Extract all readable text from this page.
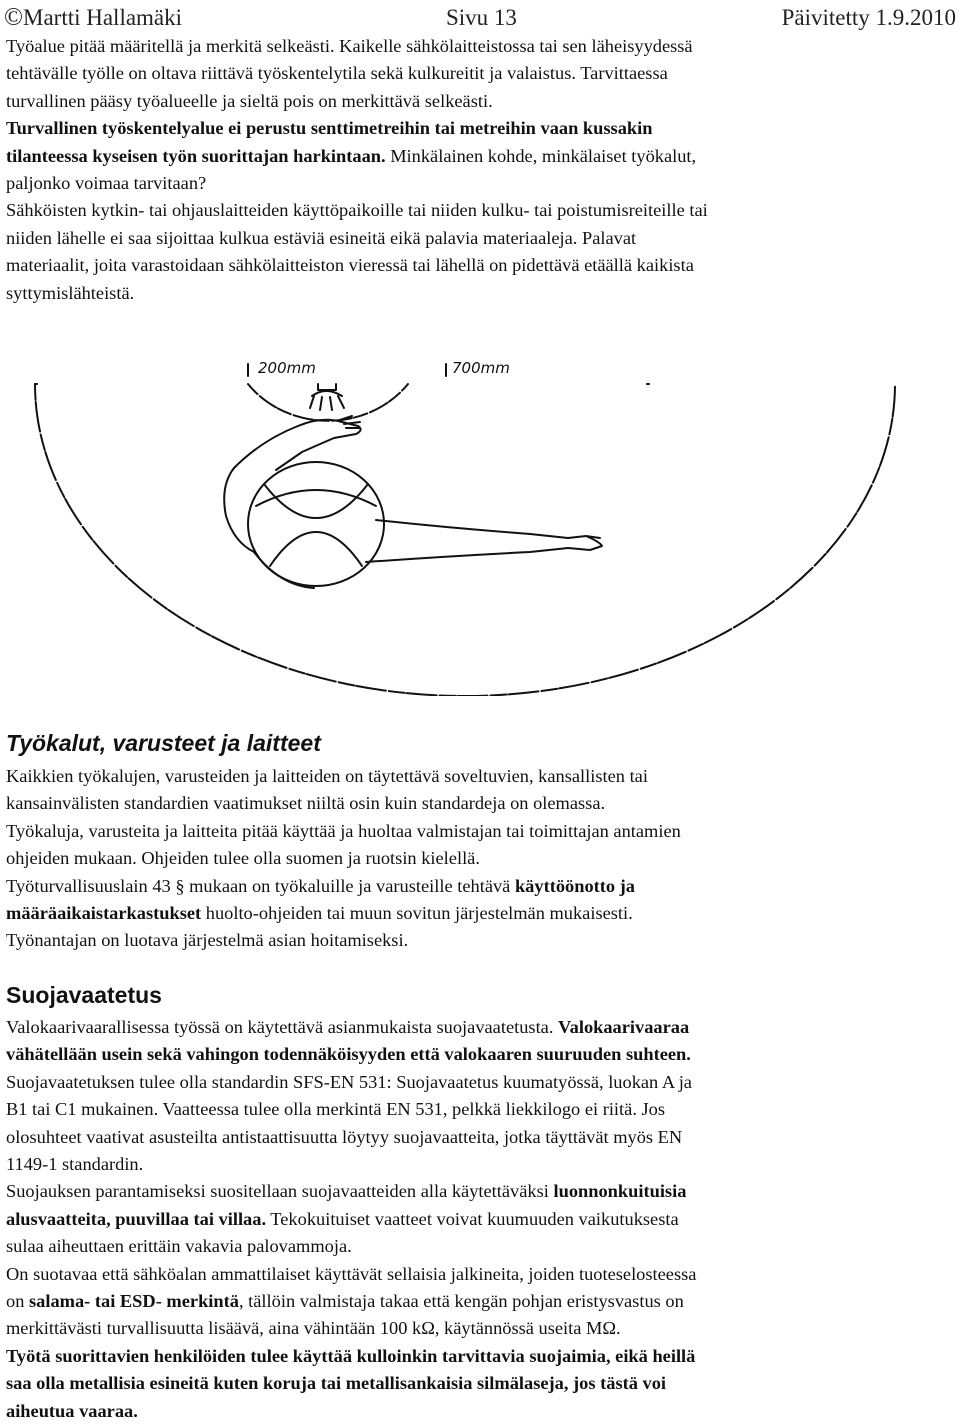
©Martti Hallamäki	Sivu 13	Päivitetty 1.9.2010
Työalue pitää määritellä ja merkitä selkeästi. Kaikelle sähkölaitteistossa tai sen läheisyydessä
tehtävälle työlle on oltava riittävä työskentelytila sekä kulkureitit ja valaistus. Tarvittaessa
turvallinen pääsy työalueelle ja sieltä pois on merkittävä selkeästi.
Turvallinen työskentelyalue ei perustu senttimetreihin tai metreihin vaan kussakin
tilanteessa kyseisen työn suorittajan harkintaan. Minkälainen kohde, minkälaiset työkalut,
paljonko voimaa tarvitaan?
Sähköisten kytkin- tai ohjauslaitteiden käyttöpaikoille tai niiden kulku- tai poistumisreiteille tai
niiden lähelle ei saa sijoittaa kulkua estäviä esineitä eikä palavia materiaaleja. Palavat
materiaalit, joita varastoidaan sähkölaitteiston vieressä tai lähellä on pidettävä etäällä kaikista
syttymislähteistä.
200mm	700mm
Työkalut, varusteet ja laitteet
Kaikkien työkalujen, varusteiden ja laitteiden on täytettävä soveltuvien, kansallisten tai
kansainvälisten standardien vaatimukset niiltä osin kuin standardeja on olemassa.
Työkaluja, varusteita ja laitteita pitää käyttää ja huoltaa valmistajan tai toimittajan antamien
ohjeiden mukaan. Ohjeiden tulee olla suomen ja ruotsin kielellä.
Työturvallisuuslain 43 § mukaan on työkaluille ja varusteille tehtävä käyttöönotto ja
määräaikaistarkastukset huolto-ohjeiden tai muun sovitun järjestelmän mukaisesti.
Työnantajan on luotava järjestelmä asian hoitamiseksi.
Suojavaatetus
Valokaarivaarallisessa työssä on käytettävä asianmukaista suojavaatetusta. Valokaarivaaraa
vähätellään usein sekä vahingon todennäköisyyden että valokaaren suuruuden suhteen.
Suojavaatetuksen tulee olla standardin SFS-EN 531: Suojavaatetus kuumatyössä, luokan A ja
B1 tai C1 mukainen. Vaatteessa tulee olla merkintä EN 531, pelkkä liekkilogo ei riitä. Jos
olosuhteet vaativat asusteilta antistaattisuutta löytyy suojavaatteita, jotka täyttävät myös EN
1149-1 standardin.
Suojauksen parantamiseksi suositellaan suojavaatteiden alla käytettäväksi luonnonkuituisia
alusvaatteita, puuvillaa tai villaa. Tekokuituiset vaatteet voivat kuumuuden vaikutuksesta
sulaa aiheuttaen erittäin vakavia palovammoja.
On suotavaa että sähköalan ammattilaiset käyttävät sellaisia jalkineita, joiden tuoteselosteessa
on salama- tai ESD- merkintä, tällöin valmistaja takaa että kengän pohjan eristysvastus on
merkittävästi turvallisuutta lisäävä, aina vähintään 100 kΩ, käytännössä useita MΩ.
Työtä suorittavien henkilöiden tulee käyttää kulloinkin tarvittavia suojaimia, eikä heillä
saa olla metallisia esineitä kuten koruja tai metallisankaisia silmälaseja, jos tästä voi
aiheutua vaaraa.
